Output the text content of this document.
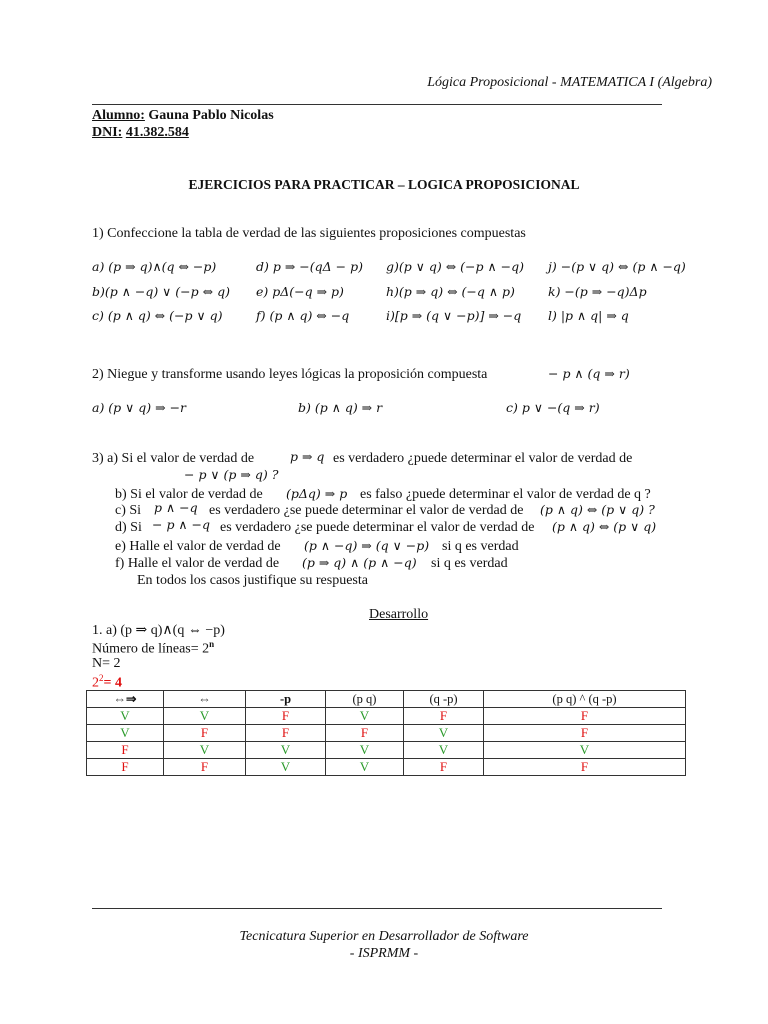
Lógica Proposicional - MATEMATICA I (Algebra)
Alumno: Gauna Pablo Nicolas
DNI: 41.382.584
EJERCICIOS PARA PRACTICAR – LOGICA PROPOSICIONAL
1) Confeccione la tabla de verdad de las siguientes proposiciones compuestas
a) (p ⇒ q)∧(q ⇔ −p)	d) p ⇒ −(qΔ − p) g)(p ∨ q) ⇔ (−p ∧ −q) j) −(p ∨ q) ⇔ (p ∧ −q)
b)(p ∧ −q) ∨ (−p ⇔ q) e) pΔ(−q ⇒ p)	h)(p ⇒ q) ⇔ (−q ∧ p)	k) −(p ⇒ −q)Δp
c) (p ∧ q) ⇔ (−p ∨ q)	f) (p ∧ q) ⇔ −q	i)[p ⇒ (q ∨ −p)] ⇒ −q l) |p ∧ q| ⇒ q
2) Niegue y transforme usando leyes lógicas la proposición compuesta	− p ∧ (q ⇒ r)
a) (p ∨ q) ⇒ −r	b) (p ∧ q) ⇒ r	c) p ∨ −(q ⇒ r)
3) a) Si el valor de verdad de	p ⇒ q es verdadero ¿puede determinar el valor de verdad de
− p ∨ (p ⇒ q) ?
b) Si el valor de verdad de (pΔq) ⇒ p es falso ¿puede determinar el valor de verdad de q ?
c) Si p ∧ −q es verdadero ¿se puede determinar el valor de verdad de (p ∧ q) ⇔ (p ∨ q) ?
d) Si − p ∧ −q es verdadero ¿se puede determinar el valor de verdad de (p ∧ q) ⇔ (p ∨ q)
e) Halle el valor de verdad de (p ∧ −q) ⇒ (q ∨ −p) si q es verdad
f) Halle el valor de verdad de (p ⇒ q) ∧ (p ∧ −q) si q es verdad
En todos los casos justifique su respuesta
Desarrollo
1. a) (p ⇒ q)∧(q ⇔ −p)
Número de líneas= $2^n$
N= 2
$2^2= 4$
⇔⇒	⇔	-p	(p q)	(q -p)	(p q) ^ (q -p)
V	V	F	V	F	F
V	F	F	F	V	F
F	V	V	V	V	V
F	F	V	V	F	F
Tecnicatura Superior en Desarrollador de Software
- ISPRMM -
